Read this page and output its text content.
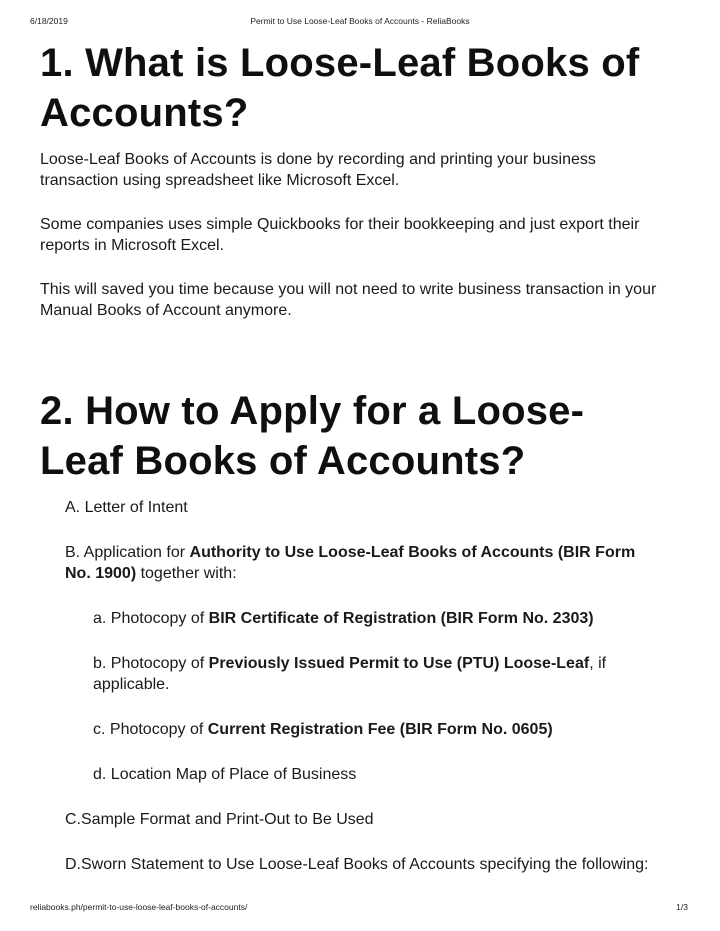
6/18/2019	Permit to Use Loose-Leaf Books of Accounts - ReliaBooks
1. What is Loose-Leaf Books of Accounts?

Loose-Leaf Books of Accounts is done by recording and printing your business transaction using spreadsheet like Microsoft Excel.

Some companies uses simple Quickbooks for their bookkeeping and just export their reports in Microsoft Excel.

This will saved you time because you will not need to write business transaction in your Manual Books of Account anymore.

2. How to Apply for a Loose-Leaf Books of Accounts?

A. Letter of Intent

B. Application for Authority to Use Loose-Leaf Books of Accounts (BIR Form No. 1900) together with:

a. Photocopy of BIR Certificate of Registration (BIR Form No. 2303)

b. Photocopy of Previously Issued Permit to Use (PTU) Loose-Leaf, if applicable.

c. Photocopy of Current Registration Fee (BIR Form No. 0605)

d. Location Map of Place of Business

C.Sample Format and Print-Out to Be Used

D.Sworn Statement to Use Loose-Leaf Books of Accounts specifying the following:

reliabooks.ph/permit-to-use-loose-leaf-books-of-accounts/	1/3
